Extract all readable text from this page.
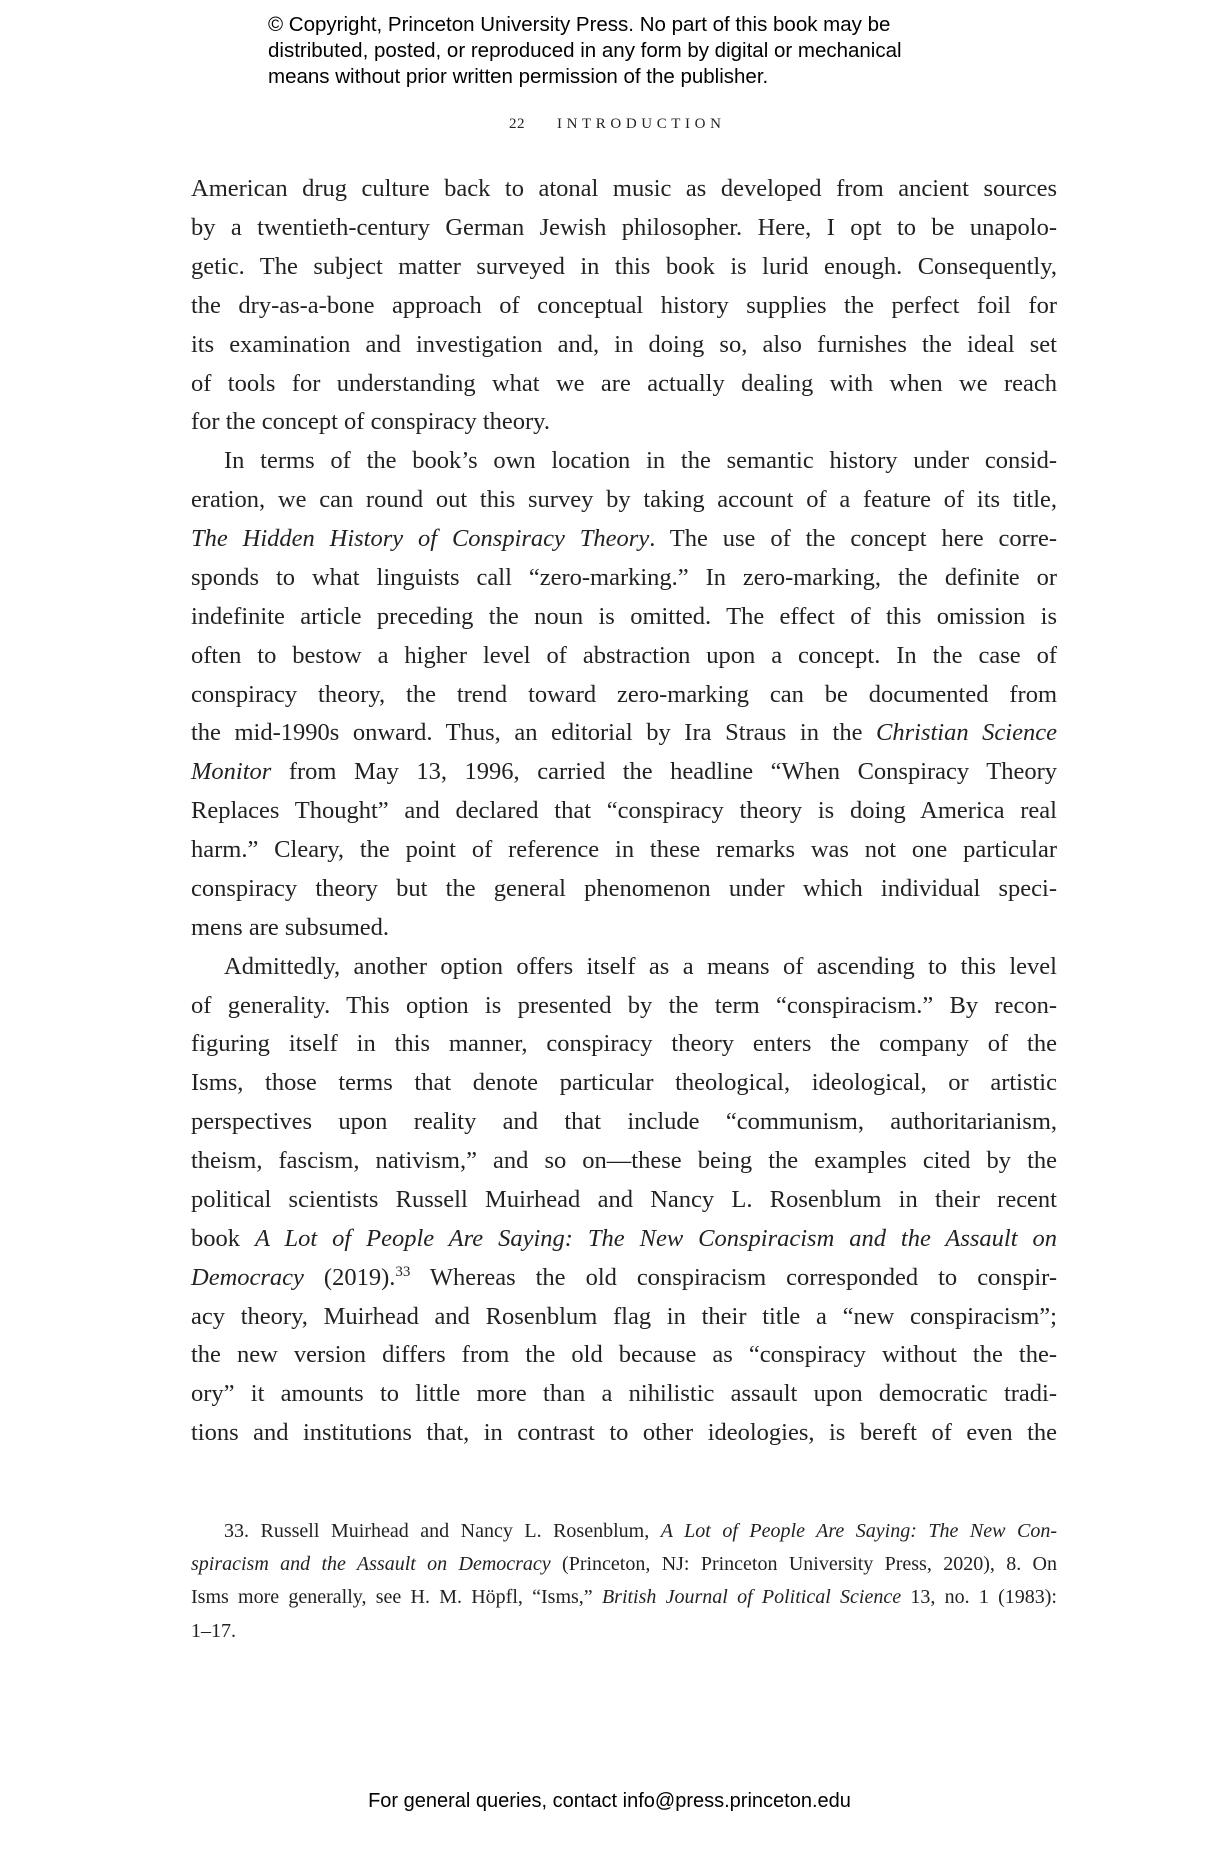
© Copyright, Princeton University Press. No part of this book may be
distributed, posted, or reproduced in any form by digital or mechanical
means without prior written permission of the publisher.
22 INTRODUCTION
American drug culture back to atonal music as developed from ancient sources
by a twentieth-century German Jewish philosopher. Here, I opt to be unapolo-
getic. The subject matter surveyed in this book is lurid enough. Consequently,
the dry-as-a-bone approach of conceptual history supplies the perfect foil for
its examination and investigation and, in doing so, also furnishes the ideal set
of tools for understanding what we are actually dealing with when we reach
for the concept of conspiracy theory.
In terms of the book’s own location in the semantic history under consid-
eration, we can round out this survey by taking account of a feature of its title,
The Hidden History of Conspiracy Theory. The use of the concept here corre-
sponds to what linguists call “zero-marking.” In zero-marking, the definite or
indefinite article preceding the noun is omitted. The effect of this omission is
often to bestow a higher level of abstraction upon a concept. In the case of
conspiracy theory, the trend toward zero-marking can be documented from
the mid-1990s onward. Thus, an editorial by Ira Straus in the Christian Science
Monitor from May 13, 1996, carried the headline “When Conspiracy Theory
Replaces Thought” and declared that “conspiracy theory is doing America real
harm.” Cleary, the point of reference in these remarks was not one particular
conspiracy theory but the general phenomenon under which individual speci-
mens are subsumed.
Admittedly, another option offers itself as a means of ascending to this level
of generality. This option is presented by the term “conspiracism.” By recon-
figuring itself in this manner, conspiracy theory enters the company of the
Isms, those terms that denote particular theological, ideological, or artistic
perspectives upon reality and that include “communism, authoritarianism,
theism, fascism, nativism,” and so on—these being the examples cited by the
political scientists Russell Muirhead and Nancy L. Rosenblum in their recent
book A Lot of People Are Saying: The New Conspiracism and the Assault on
Democracy (2019).$^{33}$ Whereas the old conspiracism corresponded to conspir-
acy theory, Muirhead and Rosenblum flag in their title a “new conspiracism”;
the new version differs from the old because as “conspiracy without the the-
ory” it amounts to little more than a nihilistic assault upon democratic tradi-
tions and institutions that, in contrast to other ideologies, is bereft of even the
33. Russell Muirhead and Nancy L. Rosenblum, A Lot of People Are Saying: The New Con-
spiracism and the Assault on Democracy (Princeton, NJ: Princeton University Press, 2020), 8. On
Isms more generally, see H. M. Höpfl, “Isms,” British Journal of Political Science 13, no. 1 (1983):
1–17.
For general queries, contact info@press.princeton.edu
